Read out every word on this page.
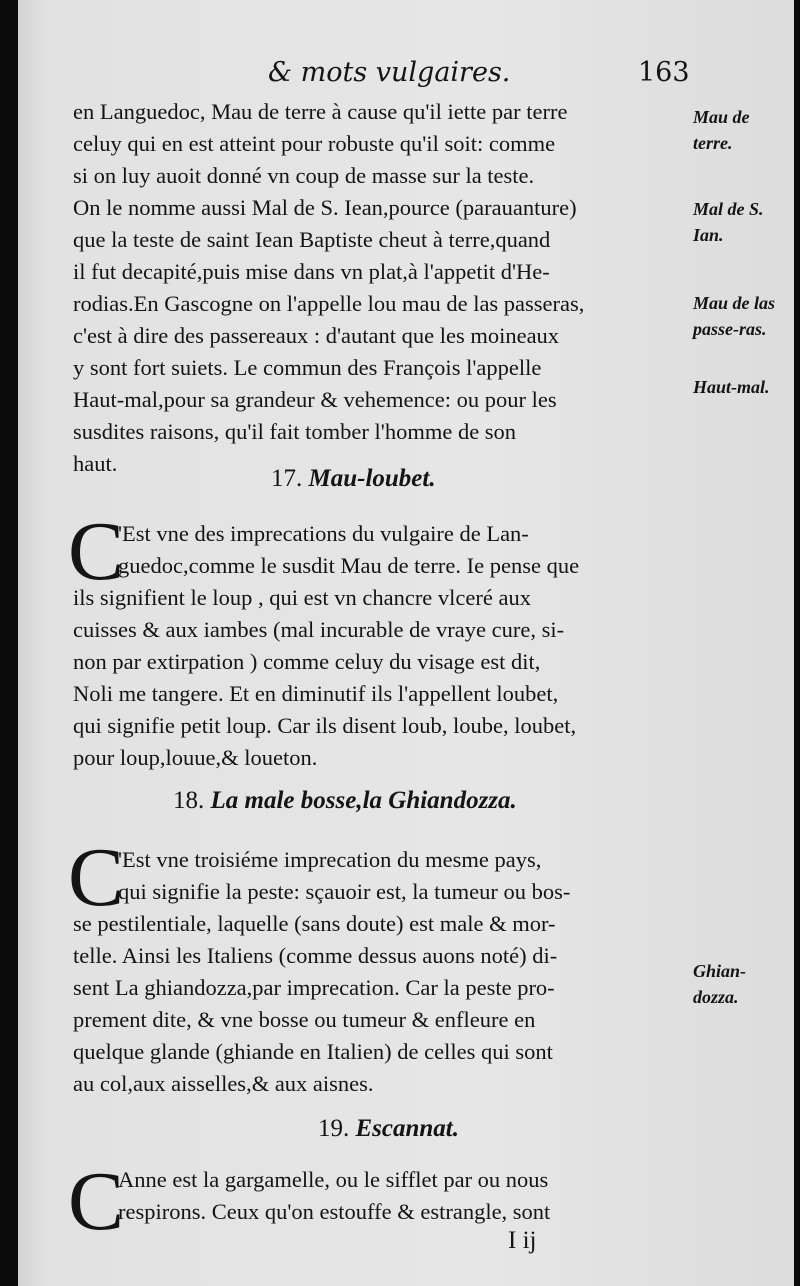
& mots vulgaires.	163
en Languedoc, Mau de terre à cause qu'il iette par terre
celuy qui en est atteint pour robuste qu'il soit: comme
si on luy auoit donné vn coup de masse sur la teste.
On le nomme aussi Mal de S. Iean,pource (parauanture)
que la teste de saint Iean Baptiste cheut à terre,quand
il fut decapité,puis mise dans vn plat,à l'appetit d'He-
rodias.En Gascogne on l'appelle lou mau de las passeras,
c'est à dire des passereaux : d'autant que les moineaux
y sont fort suiets. Le commun des François l'appelle
Haut-mal,pour sa grandeur & vehemence: ou pour les
susdites raisons, qu'il fait tomber l'homme de son
haut.
Mau de terre.
Mal de S. Ian.
Mau de las passe-ras.
Haut-mal.
17. Mau-loubet.
C
'Est vne des imprecations du vulgaire de Lan-
guedoc,comme le susdit Mau de terre. Ie pense que
ils signifient le loup , qui est vn chancre vlceré aux
cuisses & aux iambes (mal incurable de vraye cure, si-
non par extirpation ) comme celuy du visage est dit,
Noli me tangere. Et en diminutif ils l'appellent loubet,
qui signifie petit loup. Car ils disent loub, loube, loubet,
pour loup,louue,& loueton.
18. La male bosse,la Ghiandozza.
C
'Est vne troisiéme imprecation du mesme pays,
qui signifie la peste: sçauoir est, la tumeur ou bos-
se pestilentiale, laquelle (sans doute) est male & mor-
telle. Ainsi les Italiens (comme dessus auons noté) di-
sent La ghiandozza,par imprecation. Car la peste pro-
prement dite, & vne bosse ou tumeur & enfleure en
quelque glande (ghiande en Italien) de celles qui sont
au col,aux aisselles,& aux aisnes.
Ghian-dozza.
19. Escannat.
C
Anne est la gargamelle, ou le sifflet par ou nous
respirons. Ceux qu'on estouffe & estrangle, sont
I ij
